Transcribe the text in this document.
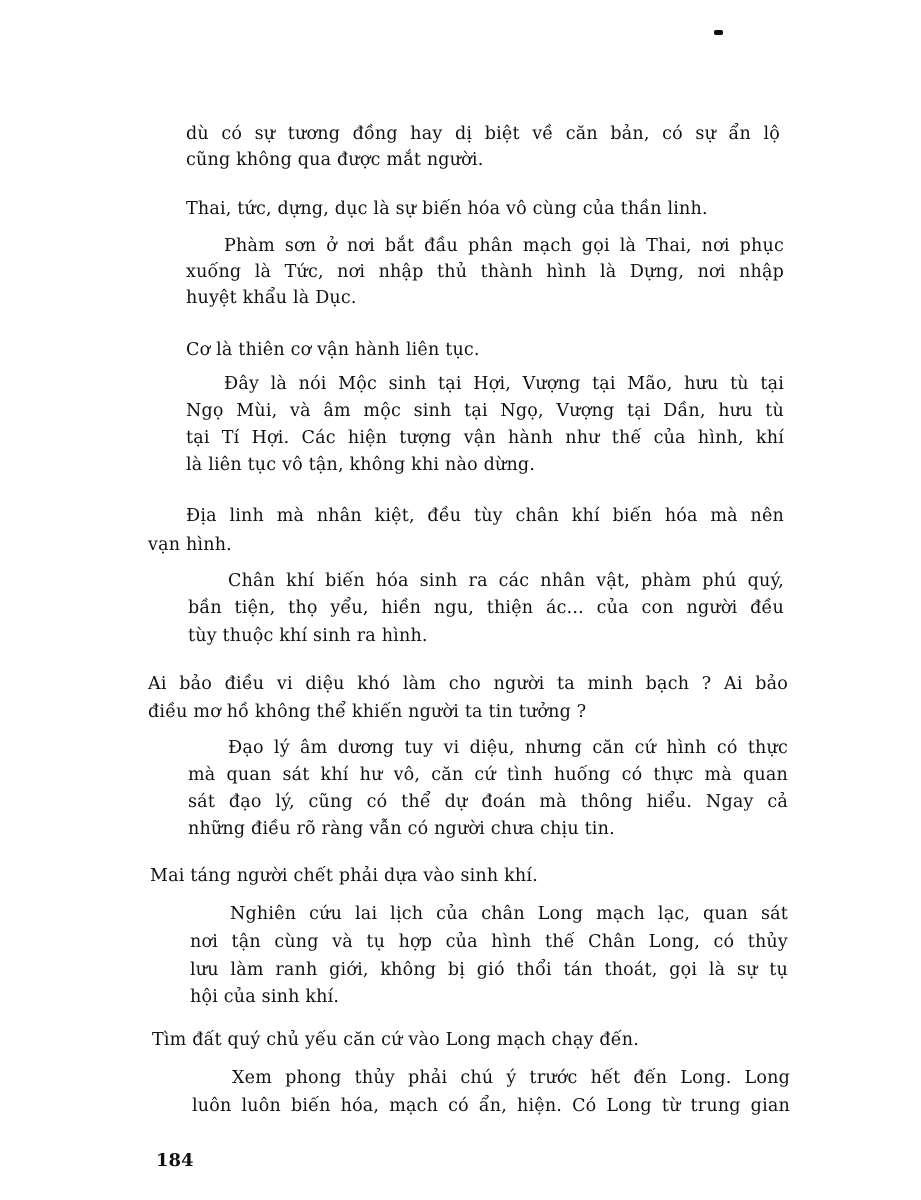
dù có sự tương đồng hay dị biệt về căn bản, có sự ẩn lộ
cũng không qua được mắt người.
Thai, tức, dựng, dục là sự biến hóa vô cùng của thần linh.
Phàm sơn ở nơi bắt đầu phân mạch gọi là Thai, nơi phục
xuống là Tức, nơi nhập thủ thành hình là Dựng, nơi nhập
huyệt khẩu là Dục.
Cơ là thiên cơ vận hành liên tục.
Đây là nói Mộc sinh tại Hợi, Vượng tại Mão, hưu tù tại
Ngọ Mùi, và âm mộc sinh tại Ngọ, Vượng tại Dần, hưu tù
tại Tí Hợi. Các hiện tượng vận hành như thế của hình, khí
là liên tục vô tận, không khi nào dừng.
Địa linh mà nhân kiệt, đều tùy chân khí biến hóa mà nên
vạn hình.
Chân khí biến hóa sinh ra các nhân vật, phàm phú quý,
bần tiện, thọ yểu, hiền ngu, thiện ác... của con người đều
tùy thuộc khí sinh ra hình.
Ai bảo điều vi diệu khó làm cho người ta minh bạch ? Ai bảo
điều mơ hồ không thể khiến người ta tin tưởng ?
Đạo lý âm dương tuy vi diệu, nhưng căn cứ hình có thực
mà quan sát khí hư vô, căn cứ tình huống có thực mà quan
sát đạo lý, cũng có thể dự đoán mà thông hiểu. Ngay cả
những điều rõ ràng vẫn có người chưa chịu tin.
Mai táng người chết phải dựa vào sinh khí.
Nghiên cứu lai lịch của chân Long mạch lạc, quan sát
nơi tận cùng và tụ hợp của hình thế Chân Long, có thủy
lưu làm ranh giới, không bị gió thổi tán thoát, gọi là sự tụ
hội của sinh khí.
Tìm đất quý chủ yếu căn cứ vào Long mạch chạy đến.
Xem phong thủy phải chú ý trước hết đến Long. Long
luôn luôn biến hóa, mạch có ẩn, hiện. Có Long từ trung gian
184
